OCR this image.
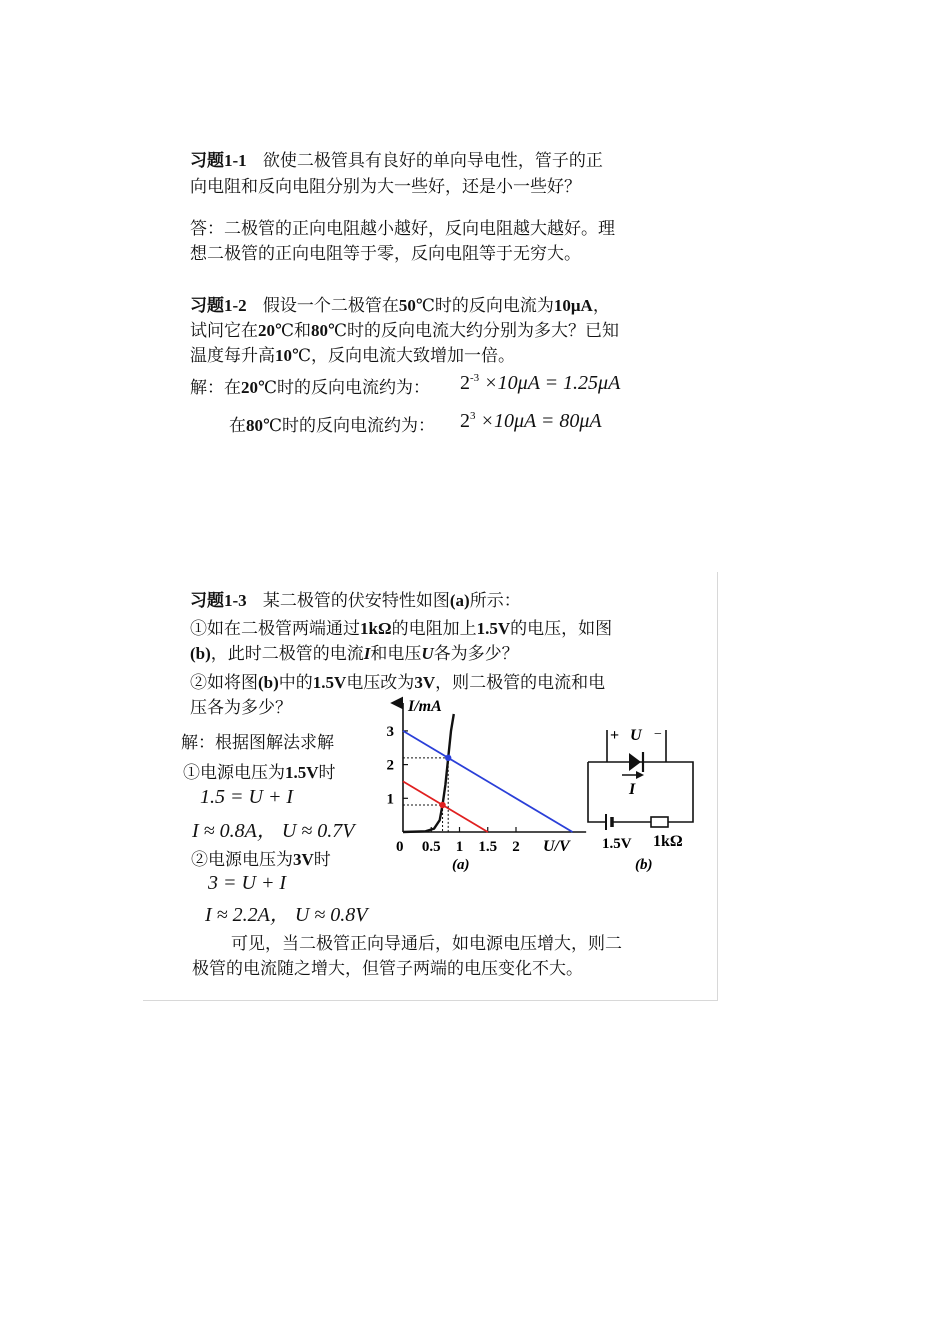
习题1-1 欲使二极管具有良好的单向导电性，管子的正
向电阻和反向电阻分别为大一些好，还是小一些好？
答：二极管的正向电阻越小越好，反向电阻越大越好。理
想二极管的正向电阻等于零，反向电阻等于无穷大。
习题1-2 假设一个二极管在50℃时的反向电流为10μA，
试问它在20℃和80℃时的反向电流大约分别为多大？已知
温度每升高10℃，反向电流大致增加一倍。
解：在20℃时的反向电流约为： $2^{-3} \times 10\mu A = 1.25\mu A$
在80℃时的反向电流约为： $2^3 \times 10\mu A = 80\mu A$
习题1-3 某二极管的伏安特性如图(a)所示：
①如在二极管两端通过1kΩ的电阻加上1.5V的电压，如图
(b)，此时二极管的电流I和电压U各为多少？
②如将图(b)中的1.5V电压改为3V，则二极管的电流和电
压各为多少？
解：根据图解法求解
①电源电压为1.5V时
1.5 = U + I
I ≈ 0.8A， U ≈ 0.7V
②电源电压为3V时
3 = U + I
I ≈ 2.2A， U ≈ 0.8V
可见，当二极管正向导通后，如电源电压增大，则二
极管的电流随之增大，但管子两端的电压变化不大。
0.5 1 1.5 2
1
2
3
I/mA
U/V
(a)
0
+ U −
I
1.5V 1kΩ
(b)
